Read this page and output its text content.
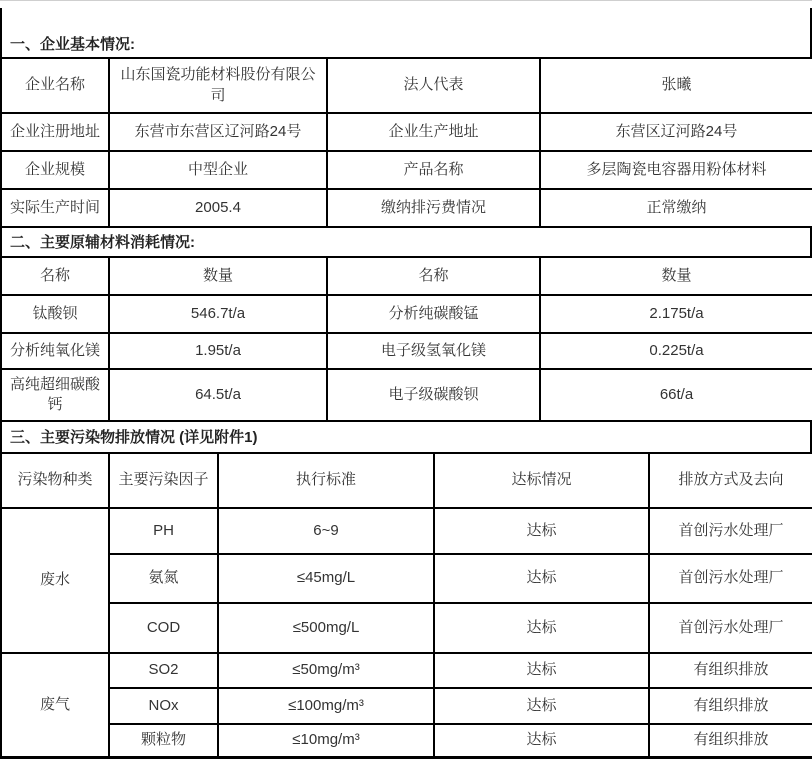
一、企业基本情况:
企业名称	山东国瓷功能材料股份有限公司	法人代表	张曦
企业注册地址	东营市东营区辽河路24号	企业生产地址	东营区辽河路24号
企业规模	中型企业	产品名称	多层陶瓷电容器用粉体材料
实际生产时间	2005.4	缴纳排污费情况	正常缴纳
二、主要原辅材料消耗情况:
名称	数量	名称	数量
钛酸钡	546.7t/a	分析纯碳酸锰	2.175t/a
分析纯氧化镁	1.95t/a	电子级氢氧化镁	0.225t/a
高纯超细碳酸钙	64.5t/a	电子级碳酸钡	66t/a
三、主要污染物排放情况 (详见附件1)
污染物种类	主要污染因子	执行标准	达标情况	排放方式及去向
废水	PH	6~9	达标	首创污水处理厂
	氨氮	≤45mg/L	达标	首创污水处理厂
	COD	≤500mg/L	达标	首创污水处理厂
废气	SO2	≤50mg/m³	达标	有组织排放
	NOx	≤100mg/m³	达标	有组织排放
	颗粒物	≤10mg/m³	达标	有组织排放
